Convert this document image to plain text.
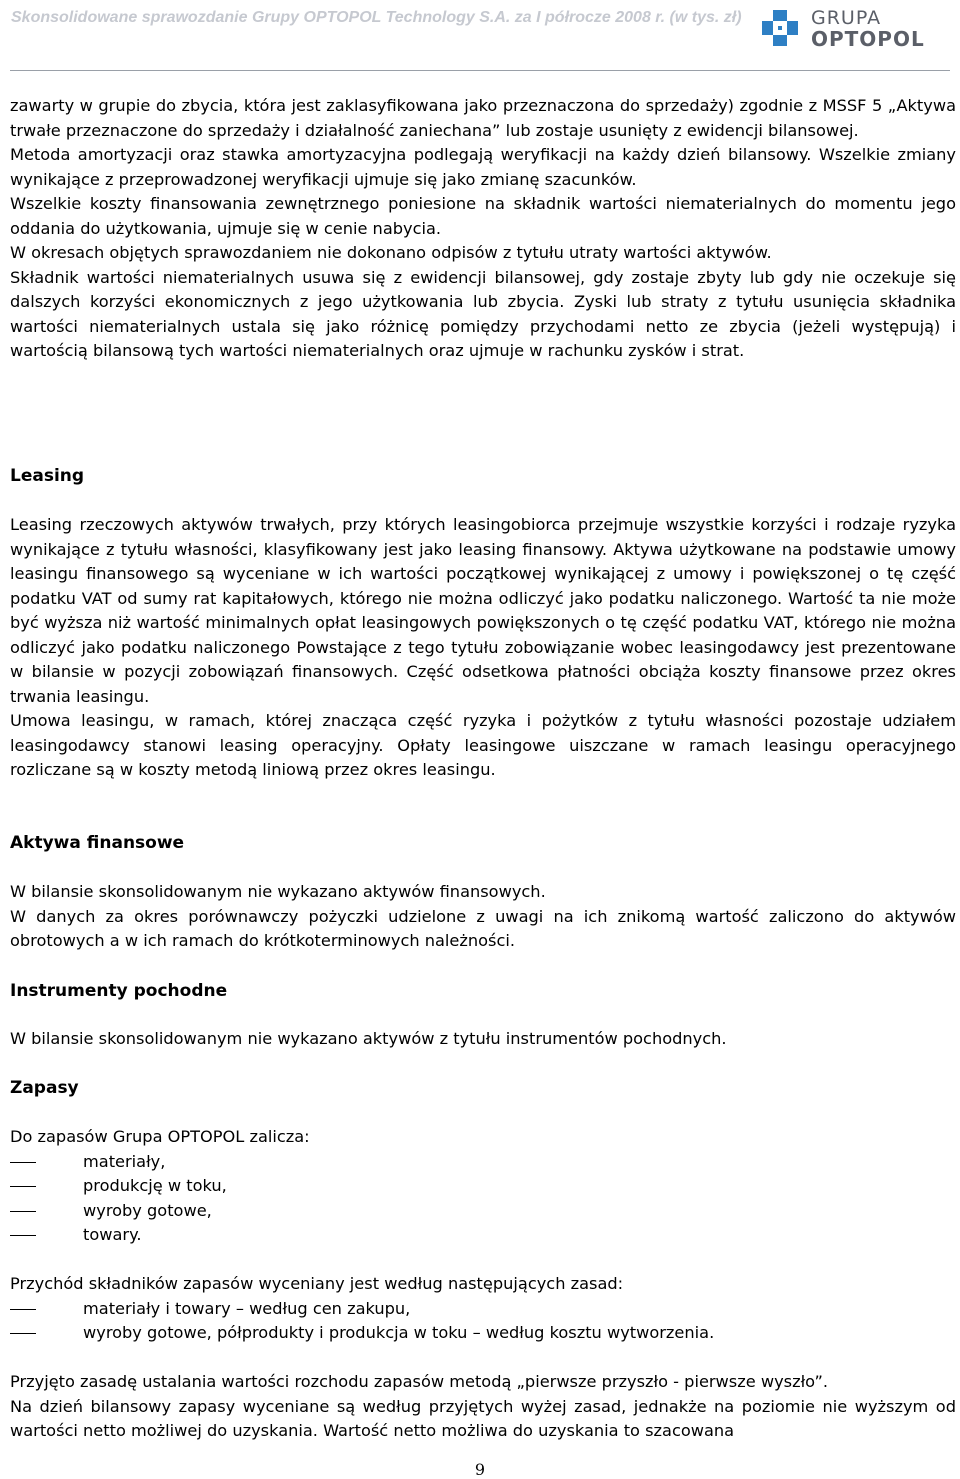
Skonsolidowane sprawozdanie Grupy OPTOPOL Technology S.A. za I półrocze 2008 r. (w tys. zł)	GRUPA
OPTOPOL

zawarty w grupie do zbycia, która jest zaklasyfikowana jako przeznaczona do sprzedaży) zgodnie z MSSF 5 „Aktywa trwałe przeznaczone do sprzedaży i działalność zaniechana” lub zostaje usunięty z ewidencji bilansowej.

Metoda amortyzacji oraz stawka amortyzacyjna podlegają weryfikacji na każdy dzień bilansowy. Wszelkie zmiany wynikające z przeprowadzonej weryfikacji ujmuje się jako zmianę szacunków.

Wszelkie koszty finansowania zewnętrznego poniesione na składnik wartości niematerialnych do momentu jego oddania do użytkowania, ujmuje się w cenie nabycia.

W okresach objętych sprawozdaniem nie dokonano odpisów z tytułu utraty wartości aktywów.

Składnik wartości niematerialnych usuwa się z ewidencji bilansowej, gdy zostaje zbyty lub gdy nie oczekuje się dalszych korzyści ekonomicznych z jego użytkowania lub zbycia. Zyski lub straty z tytułu usunięcia składnika wartości niematerialnych ustala się jako różnicę pomiędzy przychodami netto ze zbycia (jeżeli występują) i wartością bilansową tych wartości niematerialnych oraz ujmuje w rachunku zysków i strat.

Leasing

Leasing rzeczowych aktywów trwałych, przy których leasingobiorca przejmuje wszystkie korzyści i rodzaje ryzyka wynikające z tytułu własności, klasyfikowany jest jako leasing finansowy. Aktywa użytkowane na podstawie umowy leasingu finansowego są wyceniane w ich wartości początkowej wynikającej z umowy i powiększonej o tę część podatku VAT od sumy rat kapitałowych, którego nie można odliczyć jako podatku naliczonego. Wartość ta nie może być wyższa niż wartość minimalnych opłat leasingowych powiększonych o tę część podatku VAT, którego nie można odliczyć jako podatku naliczonego Powstające z tego tytułu zobowiązanie wobec leasingodawcy jest prezentowane w bilansie w pozycji zobowiązań finansowych. Część odsetkowa płatności obciąża koszty finansowe przez okres trwania leasingu.

Umowa leasingu, w ramach, której znacząca część ryzyka i pożytków z tytułu własności pozostaje udziałem leasingodawcy stanowi leasing operacyjny. Opłaty leasingowe uiszczane w ramach leasingu operacyjnego rozliczane są w koszty metodą liniową przez okres leasingu.

Aktywa finansowe

W bilansie skonsolidowanym nie wykazano aktywów finansowych.

W danych za okres porównawczy pożyczki udzielone z uwagi na ich znikomą wartość zaliczono do aktywów obrotowych a w ich ramach do krótkoterminowych należności.

Instrumenty pochodne

W bilansie skonsolidowanym nie wykazano aktywów z tytułu instrumentów pochodnych.

Zapasy

Do zapasów Grupa OPTOPOL zalicza:

materiały,
produkcję w toku,
wyroby gotowe,
towary.

Przychód składników zapasów wyceniany jest według następujących zasad:

materiały i towary – według cen zakupu,
wyroby gotowe, półprodukty i produkcja w toku – według kosztu wytworzenia.

Przyjęto zasadę ustalania wartości rozchodu zapasów metodą „pierwsze przyszło - pierwsze wyszło”.

Na dzień bilansowy zapasy wyceniane są według przyjętych wyżej zasad, jednakże na poziomie nie wyższym od wartości netto możliwej do uzyskania. Wartość netto możliwa do uzyskania to szacowana

9
